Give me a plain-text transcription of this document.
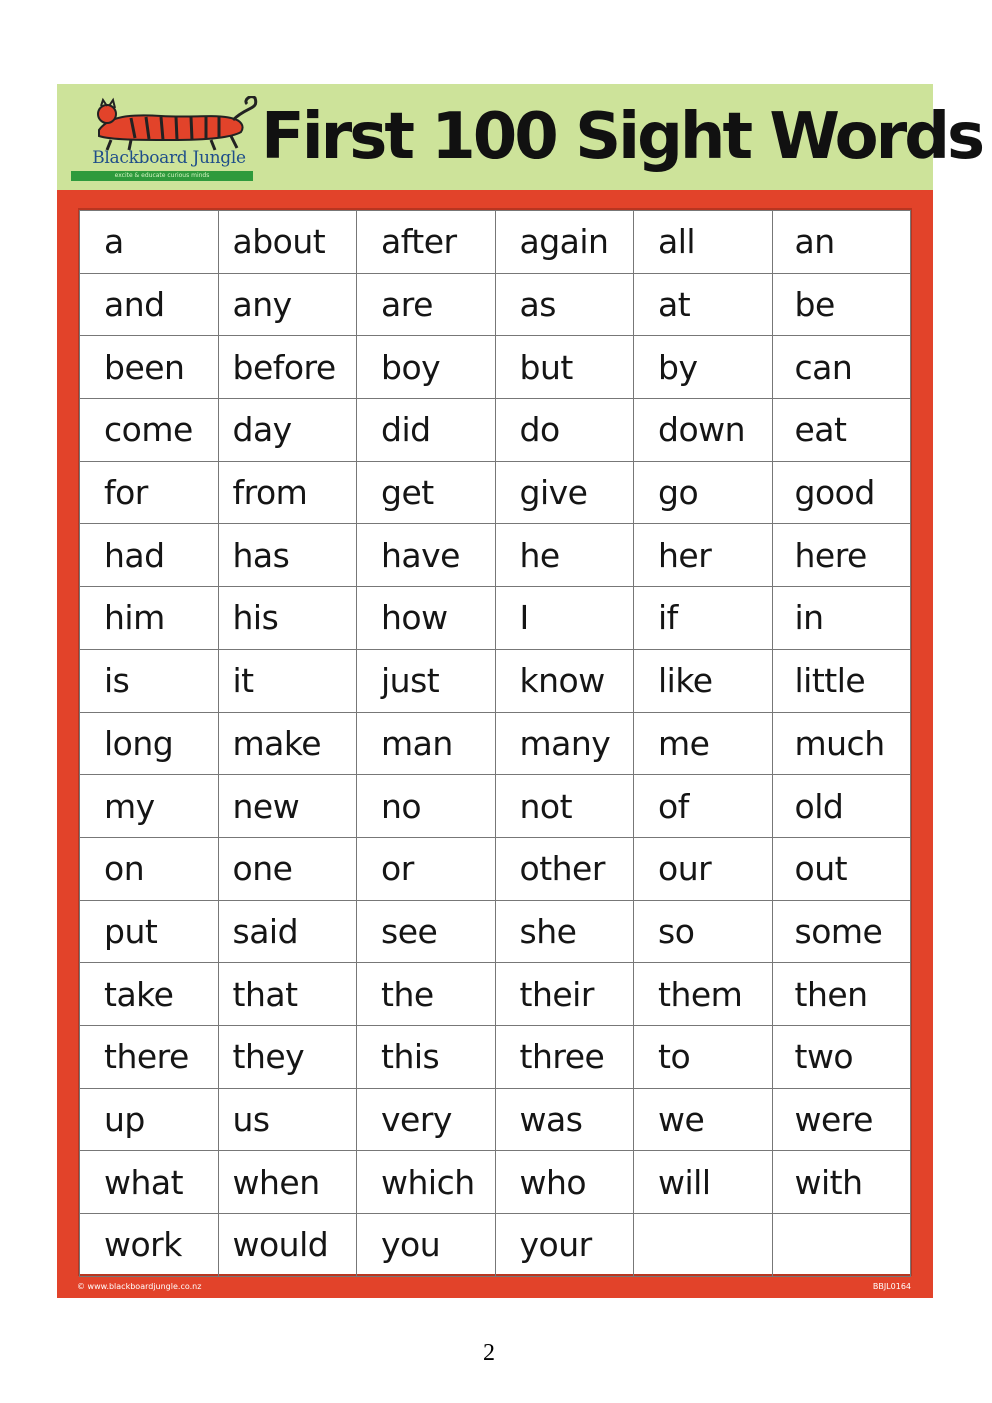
Blackboard Jungle
excite & educate curious minds
First 100 Sight Words
a	about	after	again	all	an
and	any	are	as	at	be
been	before	boy	but	by	can
come	day	did	do	down	eat
for	from	get	give	go	good
had	has	have	he	her	here
him	his	how	I	if	in
is	it	just	know	like	little
long	make	man	many	me	much
my	new	no	not	of	old
on	one	or	other	our	out
put	said	see	she	so	some
take	that	the	their	them	then
there	they	this	three	to	two
up	us	very	was	we	were
what	when	which	who	will	with
work	would	you	your		
© www.blackboardjungle.co.nz	BBJL0164
2
